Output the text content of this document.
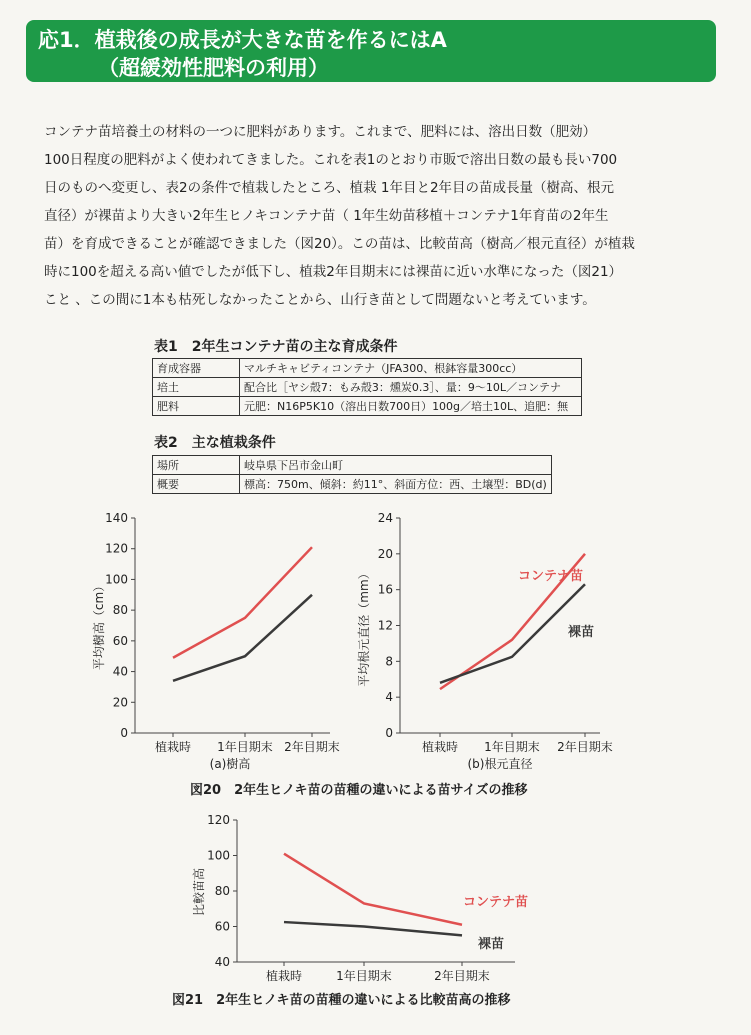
応1．植栽後の成長が大きな苗を作るにはA
（超緩効性肥料の利用）

コンテナ苗培養土の材料の一つに肥料があります。これまで、肥料には、溶出日数（肥効）

100日程度の肥料がよく使われてきました。これを表1のとおり市販で溶出日数の最も長い700

日のものへ変更し、表2の条件で植栽したところ、植栽 1年目と2年目の苗成長量（樹高、根元

直径）が裸苗より大きい2年生ヒノキコンテナ苗（ 1年生幼苗移植＋コンテナ1年育苗の2年生

苗）を育成できることが確認できました（図20）。この苗は、比較苗高（樹高／根元直径）が植栽

時に100を超える高い値でしたが低下し、植栽2年目期末には裸苗に近い水準になった（図21）

こと 、この間に1本も枯死しなかったことから、山行き苗として問題ないと考えています。

表1　2年生コンテナ苗の主な育成条件
育成容器	マルチキャビティコンテナ（JFA300、根鉢容量300cc）
培土	配合比［ヤシ殻7：もみ殻3：燻炭0.3］、量：9～10L／コンテナ
肥料	元肥：N16P5K10（溶出日数700日）100g／培土10L、追肥：無
表2　主な植栽条件
場所	岐阜県下呂市金山町
概要	標高：750m、傾斜：約11°、斜面方位：西、土壌型：BD(d)
0
20
40
60
80
100
120
140
植栽時 1年目期末 2年目期末
平均樹高（cm）
(a)樹高
0
4
8
12
16
20
24
植栽時 1年目期末 2年目期末
平均根元直径（mm）
(b)根元直径
コンテナ苗
裸苗
40
60
80
100
120
植栽時	1年目期末	2年目期末
比較苗高	コンテナ苗
裸苗
図20　2年生ヒノキ苗の苗種の違いによる苗サイズの推移
図21　2年生ヒノキ苗の苗種の違いによる比較苗高の推移
